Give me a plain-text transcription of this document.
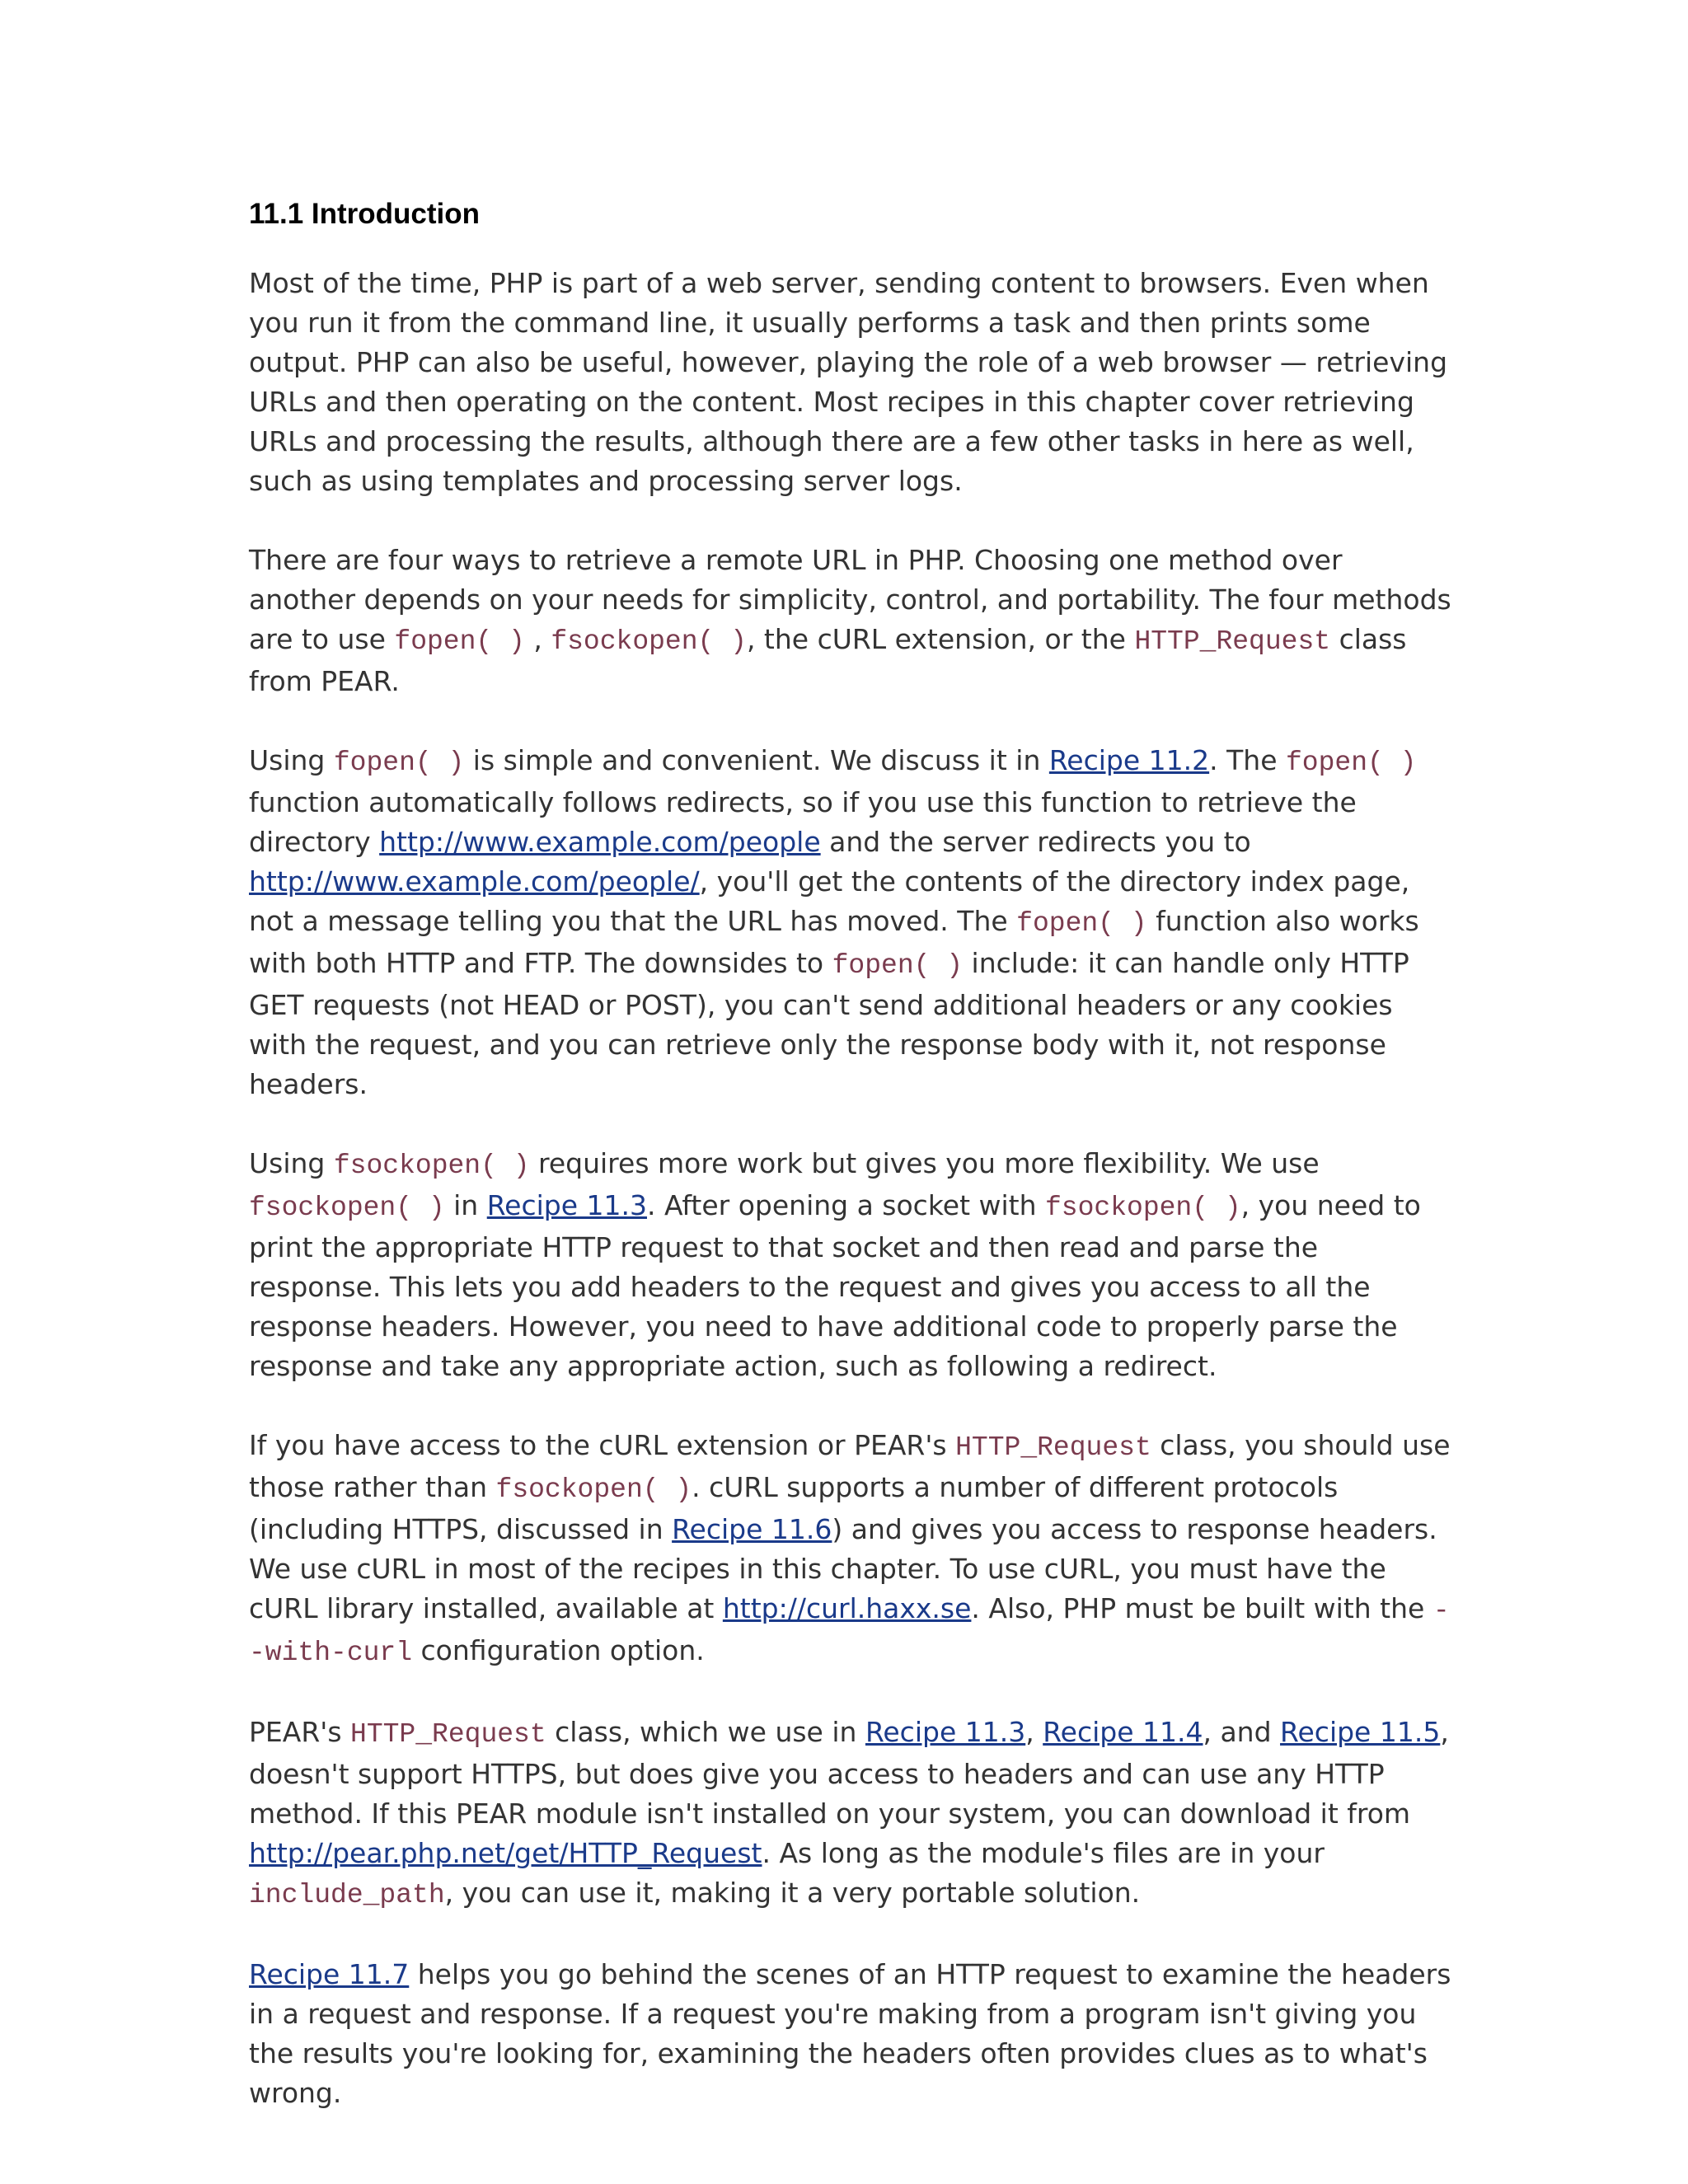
11.1 Introduction

Most of the time, PHP is part of a web server, sending content to browsers. Even when you run it from the command line, it usually performs a task and then prints some output. PHP can also be useful, however, playing the role of a web browser — retrieving URLs and then operating on the content. Most recipes in this chapter cover retrieving URLs and processing the results, although there are a few other tasks in here as well, such as using templates and processing server logs.

There are four ways to retrieve a remote URL in PHP. Choosing one method over another depends on your needs for simplicity, control, and portability. The four methods are to use fopen( ) , fsockopen( ), the cURL extension, or the HTTP_Request class from PEAR.

Using fopen( ) is simple and convenient. We discuss it in Recipe 11.2. The fopen( ) function automatically follows redirects, so if you use this function to retrieve the directory http://www.example.com/people and the server redirects you to http://www.example.com/people/, you'll get the contents of the directory index page, not a message telling you that the URL has moved. The fopen( ) function also works with both HTTP and FTP. The downsides to fopen( ) include: it can handle only HTTP GET requests (not HEAD or POST), you can't send additional headers or any cookies with the request, and you can retrieve only the response body with it, not response headers.

Using fsockopen( ) requires more work but gives you more flexibility. We use fsockopen( ) in Recipe 11.3. After opening a socket with fsockopen( ), you need to print the appropriate HTTP request to that socket and then read and parse the response. This lets you add headers to the request and gives you access to all the response headers. However, you need to have additional code to properly parse the response and take any appropriate action, such as following a redirect.

If you have access to the cURL extension or PEAR's HTTP_Request class, you should use those rather than fsockopen( ). cURL supports a number of different protocols (including HTTPS, discussed in Recipe 11.6) and gives you access to response headers. We use cURL in most of the recipes in this chapter. To use cURL, you must have the cURL library installed, available at http://curl.haxx.se. Also, PHP must be built with the --with-curl configuration option.

PEAR's HTTP_Request class, which we use in Recipe 11.3, Recipe 11.4, and Recipe 11.5, doesn't support HTTPS, but does give you access to headers and can use any HTTP method. If this PEAR module isn't installed on your system, you can download it from http://pear.php.net/get/HTTP_Request. As long as the module's files are in your include_path, you can use it, making it a very portable solution.

Recipe 11.7 helps you go behind the scenes of an HTTP request to examine the headers in a request and response. If a request you're making from a program isn't giving you the results you're looking for, examining the headers often provides clues as to what's wrong.
